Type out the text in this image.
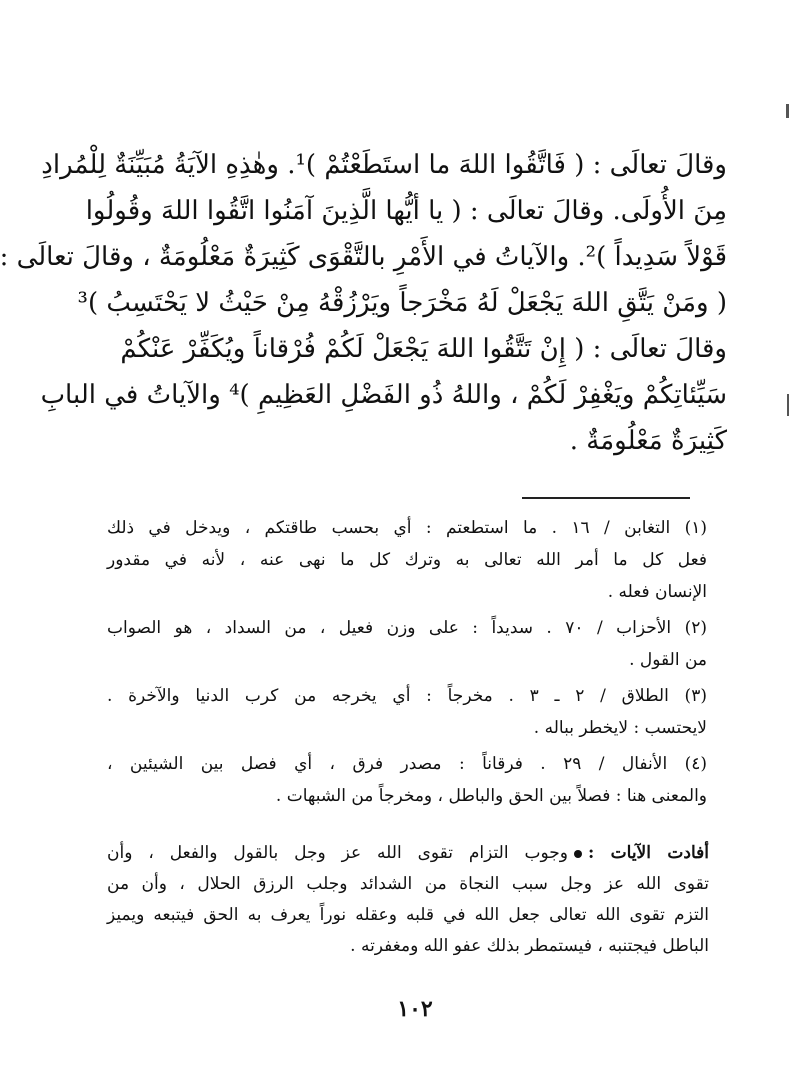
وقالَ تعالَى : ( فَاتَّقُوا اللهَ ما استَطَعْتُمْ )¹. وهٰذِهِ الآيَةُ مُبَيِّنَةٌ لِلْمُرادِ
مِنَ الأُولَى. وقالَ تعالَى : ( يا أيُّها الَّذِينَ آمَنُوا اتَّقُوا اللهَ وقُولُوا
قَوْلاً سَدِيداً )². والآياتُ في الأَمْرِ بالتَّقْوَى كَثِيرَةٌ مَعْلُومَةٌ ، وقالَ تعالَى :
( ومَنْ يَتَّقِ اللهَ يَجْعَلْ لَهُ مَخْرَجاً ويَرْزُقْهُ مِنْ حَيْثُ لا يَحْتَسِبُ )³
وقالَ تعالَى : ( إِنْ تَتَّقُوا اللهَ يَجْعَلْ لَكُمْ فُرْقاناً ويُكَفِّرْ عَنْكُمْ
سَيِّئاتِكُمْ ويَغْفِرْ لَكُمْ ، واللهُ ذُو الفَضْلِ العَظِيمِ )⁴ والآياتُ في البابِ
كَثِيرَةٌ مَعْلُومَةٌ .
(١) التغابن / ١٦ . ما استطعتم : أي بحسب طاقتكم ، ويدخل في ذلك
فعل كل ما أمر الله تعالى به وترك كل ما نهى عنه ، لأنه في مقدور
الإنسان فعله .
(٢) الأحزاب / ٧٠ . سديداً : على وزن فعيل ، من السداد ، هو الصواب
من القول .
(٣) الطلاق / ٢ ـ ٣ . مخرجاً : أي يخرجه من كرب الدنيا والآخرة .
لايحتسب : لايخطر بباله .
(٤) الأنفال / ٢٩ . فرقاناً : مصدر فرق ، أي فصل بين الشيئين ،
والمعنى هنا : فصلاً بين الحق والباطل ، ومخرجاً من الشبهات .
أفادت الآيات :وجوب التزام تقوى الله عز وجل بالقول والفعل ، وأن
تقوى الله عز وجل سبب النجاة من الشدائد وجلب الرزق الحلال ، وأن من
التزم تقوى الله تعالى جعل الله في قلبه وعقله نوراً يعرف به الحق فيتبعه ويميز
الباطل فيجتنبه ، فيستمطر بذلك عفو الله ومغفرته .
١٠٢
